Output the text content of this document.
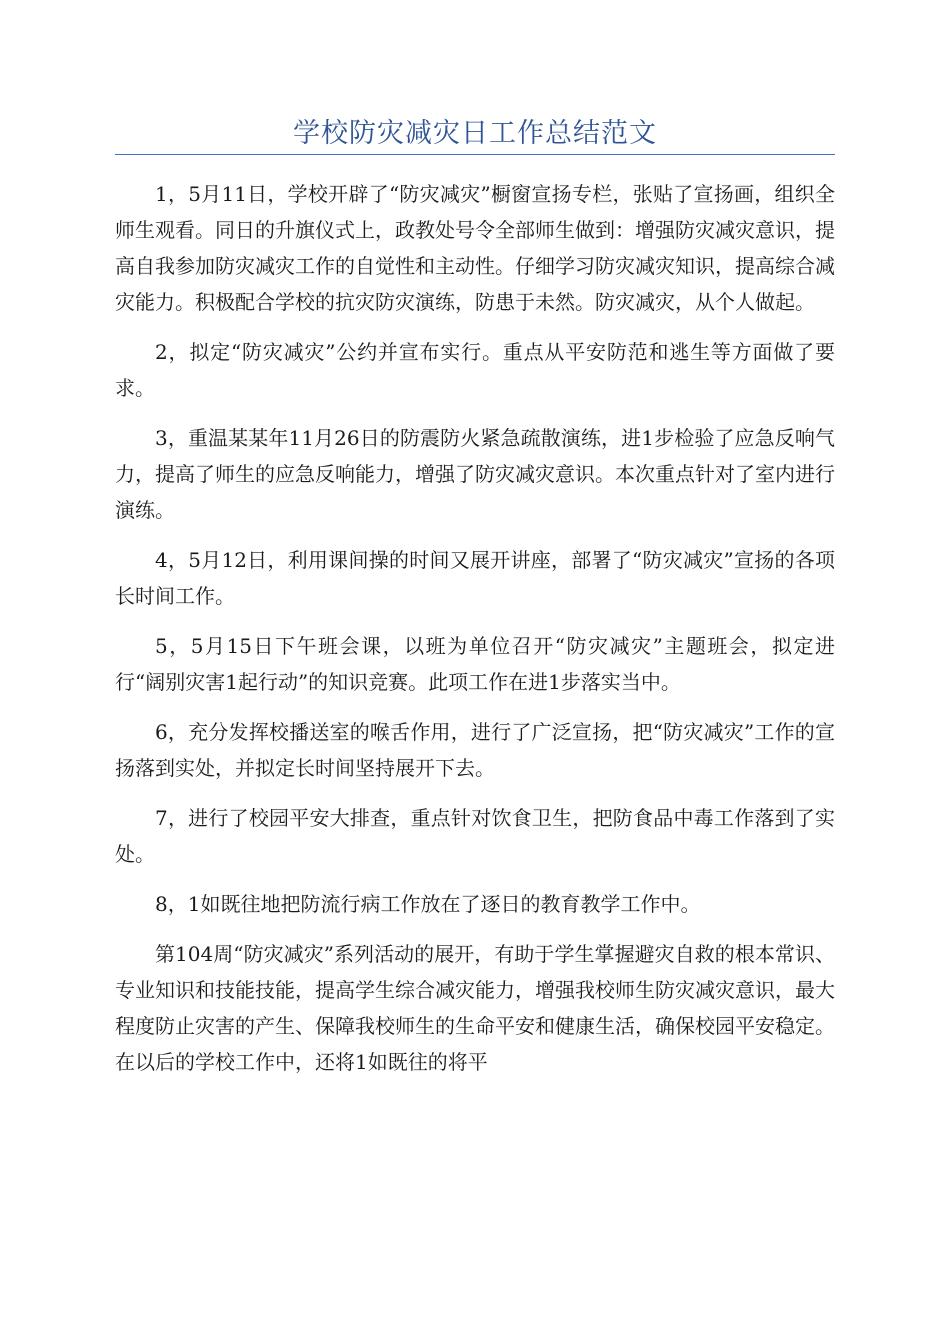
学校防灾减灾日工作总结范文

1，5月11日，学校开辟了“防灾减灾”橱窗宣扬专栏，张贴了宣扬画，组织全师生观看。同日的升旗仪式上，政教处号令全部师生做到：增强防灾减灾意识，提高自我参加防灾减灾工作的自觉性和主动性。仔细学习防灾减灾知识，提高综合减灾能力。积极配合学校的抗灾防灾演练，防患于未然。防灾减灾，从个人做起。

2，拟定“防灾减灾”公约并宣布实行。重点从平安防范和逃生等方面做了要求。

3，重温某某年11月26日的防震防火紧急疏散演练，进1步检验了应急反响气力，提高了师生的应急反响能力，增强了防灾减灾意识。本次重点针对了室内进行演练。

4，5月12日，利用课间操的时间又展开讲座，部署了“防灾减灾”宣扬的各项长时间工作。

5，5月15日下午班会课，以班为单位召开“防灾减灾”主题班会，拟定进行“阔别灾害1起行动”的知识竞赛。此项工作在进1步落实当中。

6，充分发挥校播送室的喉舌作用，进行了广泛宣扬，把“防灾减灾”工作的宣扬落到实处，并拟定长时间坚持展开下去。

7，进行了校园平安大排查，重点针对饮食卫生，把防食品中毒工作落到了实处。

8，1如既往地把防流行病工作放在了逐日的教育教学工作中。

第104周“防灾减灾”系列活动的展开，有助于学生掌握避灾自救的根本常识、专业知识和技能技能，提高学生综合减灾能力，增强我校师生防灾减灾意识，最大程度防止灾害的产生、保障我校师生的生命平安和健康生活，确保校园平安稳定。在以后的学校工作中，还将1如既往的将平
